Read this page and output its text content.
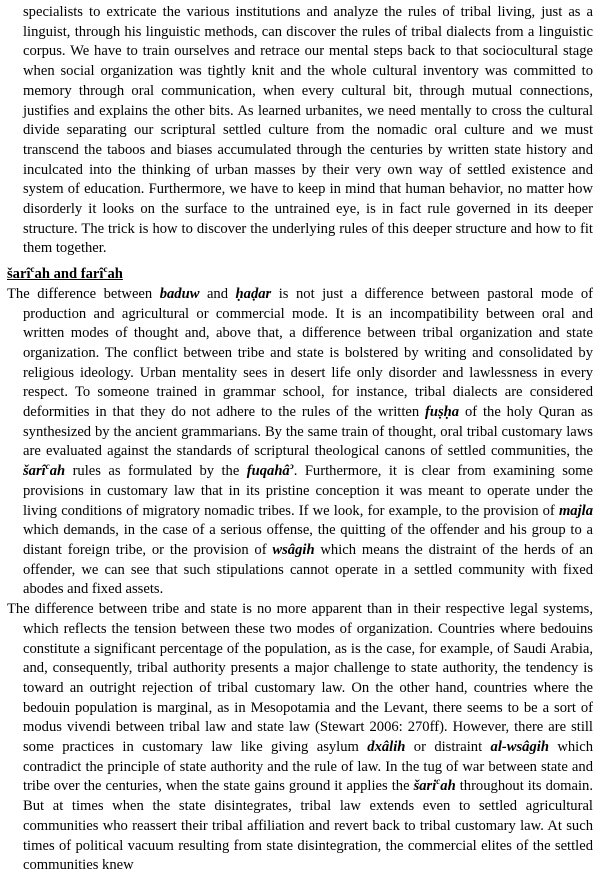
specialists to extricate the various institutions and analyze the rules of tribal living, just as a linguist, through his linguistic methods, can discover the rules of tribal dialects from a linguistic corpus. We have to train ourselves and retrace our mental steps back to that sociocultural stage when social organization was tightly knit and the whole cultural inventory was committed to memory through oral communication, when every cultural bit, through mutual connections, justifies and explains the other bits. As learned urbanites, we need mentally to cross the cultural divide separating our scriptural settled culture from the nomadic oral culture and we must transcend the taboos and biases accumulated through the centuries by written state history and inculcated into the thinking of urban masses by their very own way of settled existence and system of education. Furthermore, we have to keep in mind that human behavior, no matter how disorderly it looks on the surface to the untrained eye, is in fact rule governed in its deeper structure. The trick is how to discover the underlying rules of this deeper structure and how to fit them together.

šarî$^c$ah and farî$^c$ah

The difference between baduw and ḥaḍar is not just a difference between pastoral mode of production and agricultural or commercial mode. It is an incompatibility between oral and written modes of thought and, above that, a difference between tribal organization and state organization. The conflict between tribe and state is bolstered by writing and consolidated by religious ideology. Urban mentality sees in desert life only disorder and lawlessness in every respect. To someone trained in grammar school, for instance, tribal dialects are considered deformities in that they do not adhere to the rules of the written fuṣḥa of the holy Quran as synthesized by the ancient grammarians. By the same train of thought, oral tribal customary laws are evaluated against the standards of scriptural theological canons of settled communities, the šarî$^c$ah rules as formulated by the fuqahâ$^ↄ$. Furthermore, it is clear from examining some provisions in customary law that in its pristine conception it was meant to operate under the living conditions of migratory nomadic tribes. If we look, for example, to the provision of majla which demands, in the case of a serious offense, the quitting of the offender and his group to a distant foreign tribe, or the provision of wsâgih which means the distraint of the herds of an offender, we can see that such stipulations cannot operate in a settled community with fixed abodes and fixed assets.

The difference between tribe and state is no more apparent than in their respective legal systems, which reflects the tension between these two modes of organization. Countries where bedouins constitute a significant percentage of the population, as is the case, for example, of Saudi Arabia, and, consequently, tribal authority presents a major challenge to state authority, the tendency is toward an outright rejection of tribal customary law. On the other hand, countries where the bedouin population is marginal, as in Mesopotamia and the Levant, there seems to be a sort of modus vivendi between tribal law and state law (Stewart 2006: 270ff). However, there are still some practices in customary law like giving asylum dxâlih or distraint al-wsâgih which contradict the principle of state authority and the rule of law. In the tug of war between state and tribe over the centuries, when the state gains ground it applies the šari$^c$ah throughout its domain. But at times when the state disintegrates, tribal law extends even to settled agricultural communities who reassert their tribal affiliation and revert back to tribal customary law. At such times of political vacuum resulting from state disintegration, the commercial elites of the settled communities knew
